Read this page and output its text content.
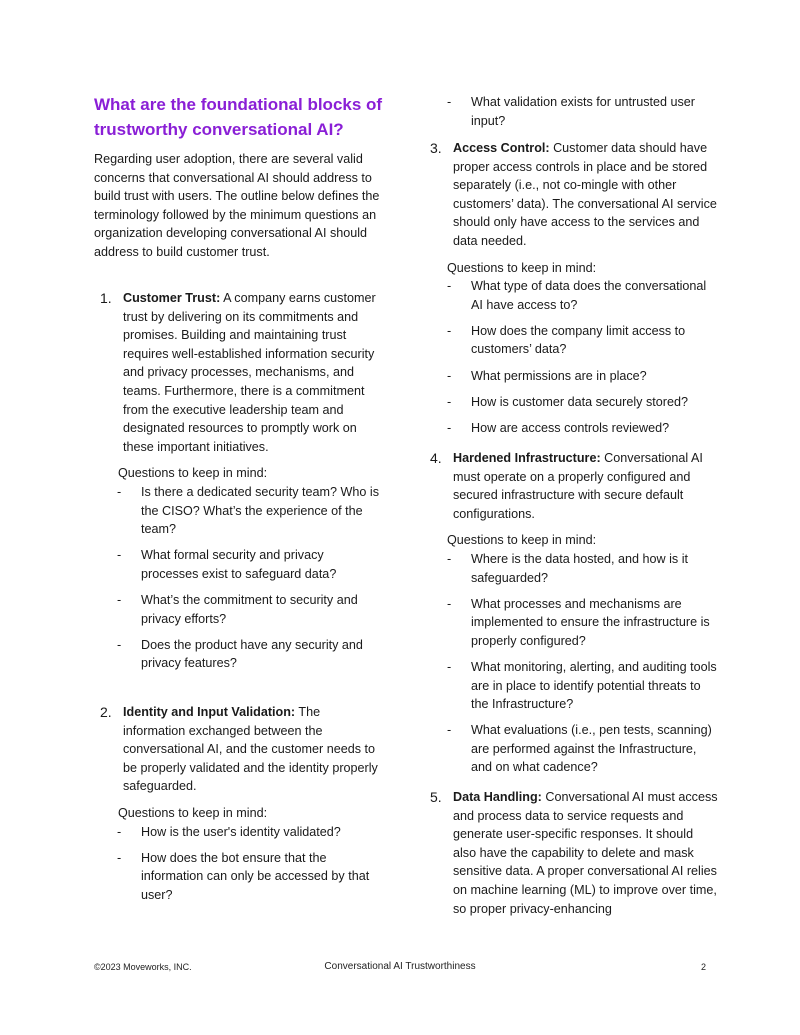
What are the foundational blocks of trustworthy conversational AI?

Regarding user adoption, there are several valid concerns that conversational AI should address to build trust with users. The outline below defines the terminology followed by the minimum questions an organization developing conversational AI should address to build customer trust.

1. Customer Trust: A company earns customer trust by delivering on its commitments and promises. Building and maintaining trust requires well-established information security and privacy processes, mechanisms, and teams. Furthermore, there is a commitment from the executive leadership team and designated resources to promptly work on these important initiatives.
Questions to keep in mind:
- Is there a dedicated security team? Who is the CISO? What’s the experience of the team?
- What formal security and privacy processes exist to safeguard data?
- What’s the commitment to security and privacy efforts?
- Does the product have any security and privacy features?
2. Identity and Input Validation: The information exchanged between the conversational AI, and the customer needs to be properly validated and the identity properly safeguarded.
Questions to keep in mind:
- How is the user's identity validated?
- How does the bot ensure that the information can only be accessed by that user?
- What validation exists for untrusted user input?
3. Access Control: Customer data should have proper access controls in place and be stored separately (i.e., not co-mingle with other customers’ data). The conversational AI service should only have access to the services and data needed.
Questions to keep in mind:
- What type of data does the conversational AI have access to?
- How does the company limit access to customers’ data?
- What permissions are in place?
- How is customer data securely stored?
- How are access controls reviewed?
4. Hardened Infrastructure: Conversational AI must operate on a properly configured and secured infrastructure with secure default configurations.
Questions to keep in mind:
- Where is the data hosted, and how is it safeguarded?
- What processes and mechanisms are implemented to ensure the infrastructure is properly configured?
- What monitoring, alerting, and auditing tools are in place to identify potential threats to the Infrastructure?
- What evaluations (i.e., pen tests, scanning) are performed against the Infrastructure, and on what cadence?
5. Data Handling: Conversational AI must access and process data to service requests and generate user-specific responses. It should also have the capability to delete and mask sensitive data. A proper conversational AI relies on machine learning (ML) to improve over time, so proper privacy-enhancing
©2023 Moveworks, INC.	Conversational AI Trustworthiness	2
